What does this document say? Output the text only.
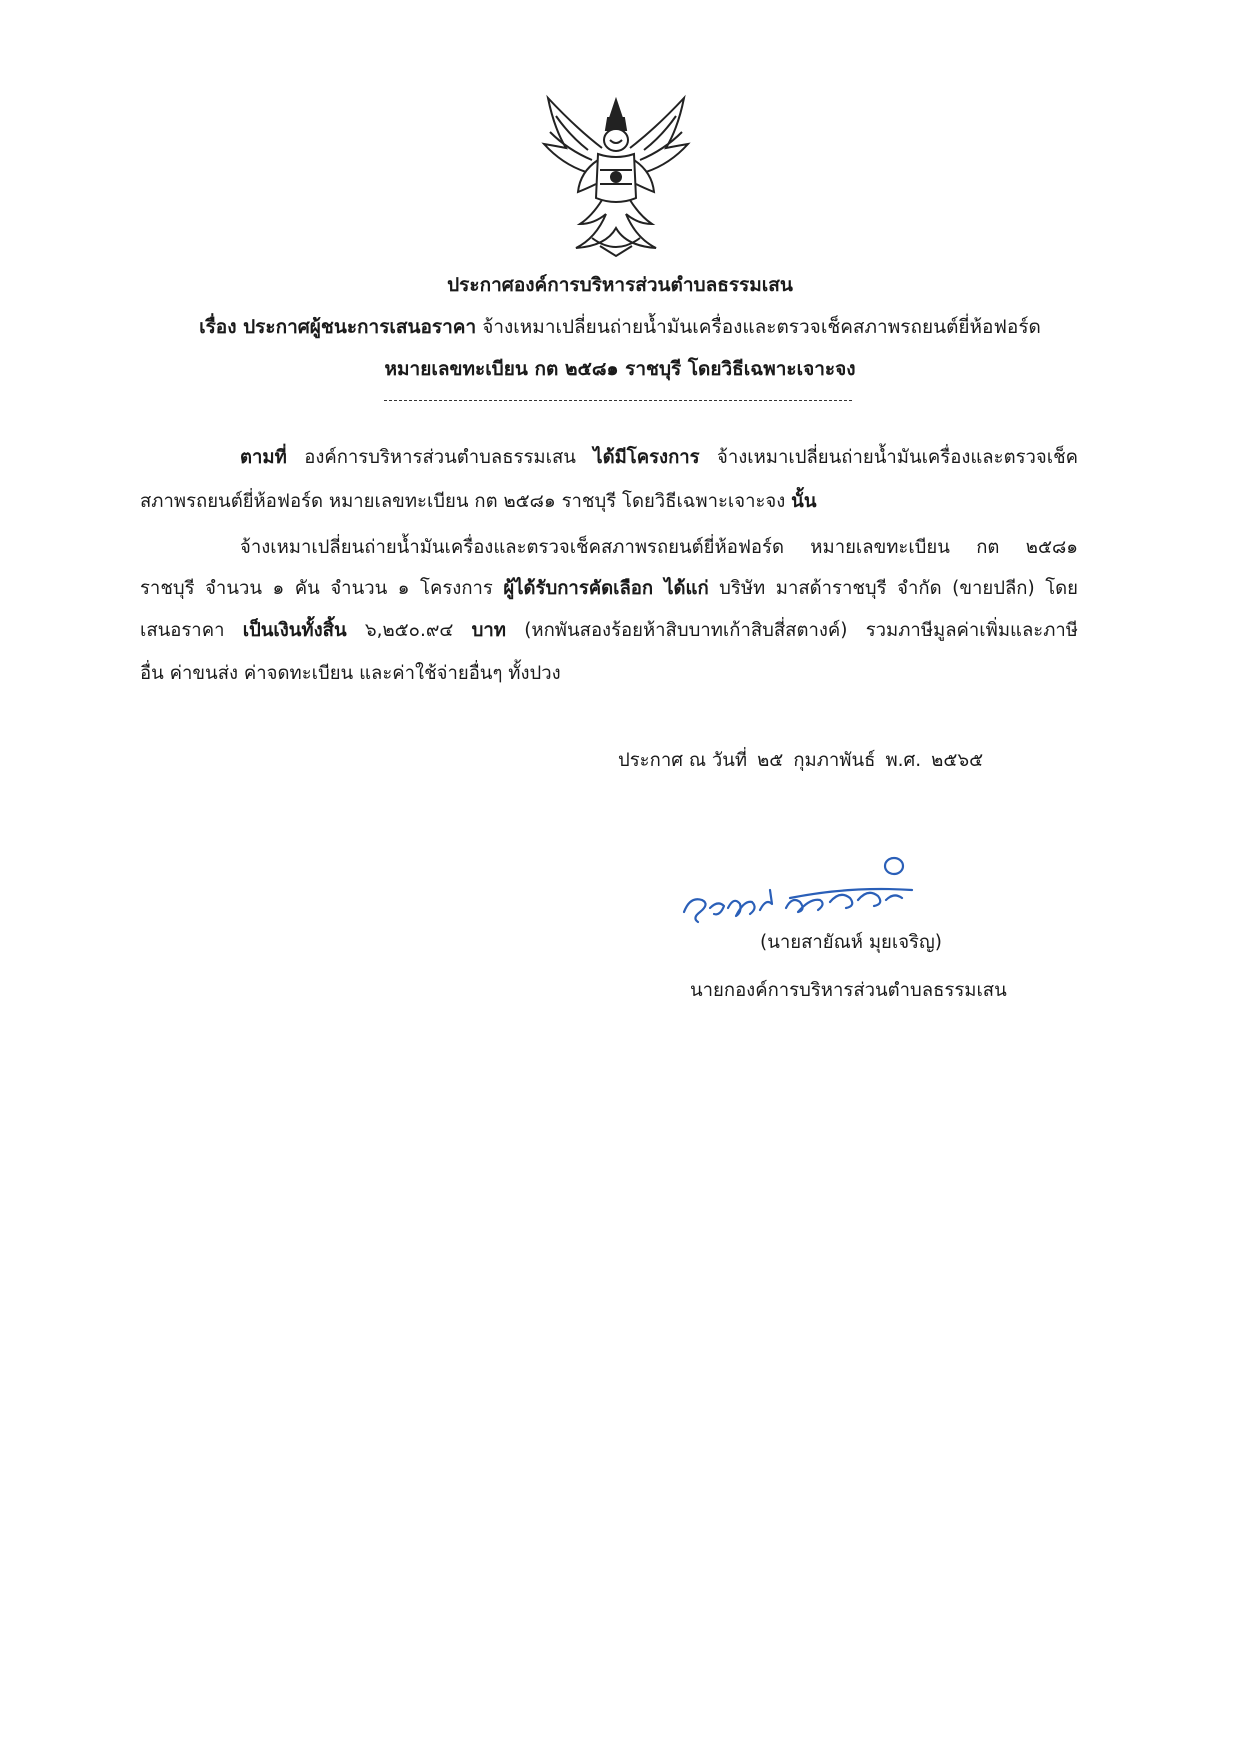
ประกาศองค์การบริหารส่วนตำบลธรรมเสน
เรื่อง ประกาศผู้ชนะการเสนอราคา จ้างเหมาเปลี่ยนถ่ายน้ำมันเครื่องและตรวจเช็คสภาพรถยนต์ยี่ห้อฟอร์ด
หมายเลขทะเบียน กต ๒๕๘๑ ราชบุรี โดยวิธีเฉพาะเจาะจง
ตามที่ องค์การบริหารส่วนตำบลธรรมเสน ได้มีโครงการ จ้างเหมาเปลี่ยนถ่ายน้ำมันเครื่องและตรวจเช็ค
สภาพรถยนต์ยี่ห้อฟอร์ด หมายเลขทะเบียน กต ๒๕๘๑ ราชบุรี โดยวิธีเฉพาะเจาะจง นั้น
จ้างเหมาเปลี่ยนถ่ายน้ำมันเครื่องและตรวจเช็คสภาพรถยนต์ยี่ห้อฟอร์ด หมายเลขทะเบียน กต ๒๕๘๑
ราชบุรี จำนวน ๑ คัน จำนวน ๑ โครงการ ผู้ได้รับการคัดเลือก ได้แก่ บริษัท มาสด้าราชบุรี จำกัด (ขายปลีก) โดย
เสนอราคา เป็นเงินทั้งสิ้น ๖,๒๕๐.๙๔ บาท (หกพันสองร้อยห้าสิบบาทเก้าสิบสี่สตางค์) รวมภาษีมูลค่าเพิ่มและภาษี
อื่น ค่าขนส่ง ค่าจดทะเบียน และค่าใช้จ่ายอื่นๆ ทั้งปวง
ประกาศ ณ วันที่ ๒๕ กุมภาพันธ์ พ.ศ. ๒๕๖๕
(นายสายัณห์ มุยเจริญ)
นายกองค์การบริหารส่วนตำบลธรรมเสน
